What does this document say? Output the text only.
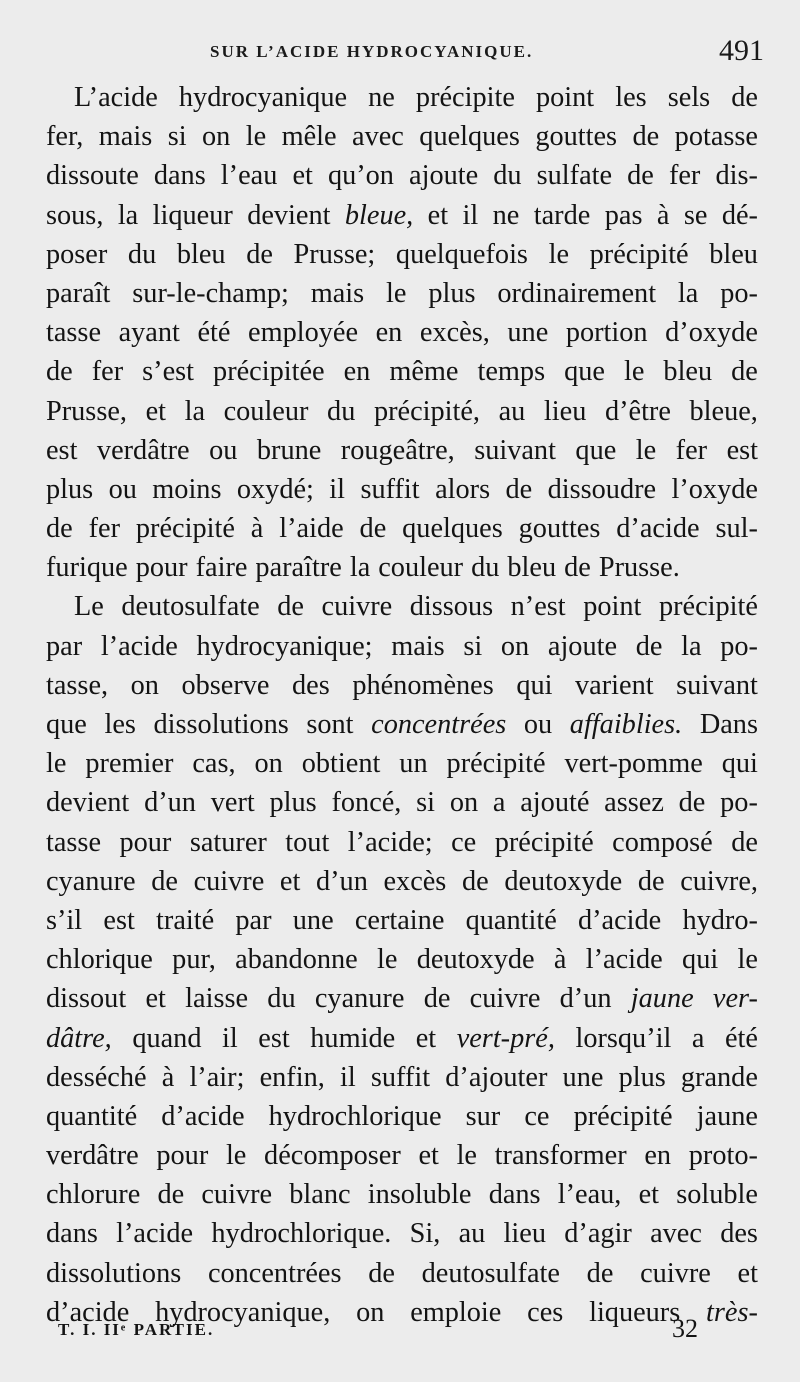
SUR L’ACIDE HYDROCYANIQUE.	491
L’acide hydrocyanique ne précipite point les sels de
fer, mais si on le mêle avec quelques gouttes de potasse
dissoute dans l’eau et qu’on ajoute du sulfate de fer dis-
sous, la liqueur devient bleue, et il ne tarde pas à se dé-
poser du bleu de Prusse; quelquefois le précipité bleu
paraît sur-le-champ; mais le plus ordinairement la po-
tasse ayant été employée en excès, une portion d’oxyde
de fer s’est précipitée en même temps que le bleu de
Prusse, et la couleur du précipité, au lieu d’être bleue,
est verdâtre ou brune rougeâtre, suivant que le fer est
plus ou moins oxydé; il suffit alors de dissoudre l’oxyde
de fer précipité à l’aide de quelques gouttes d’acide sul-
furique pour faire paraître la couleur du bleu de Prusse.
Le deutosulfate de cuivre dissous n’est point précipité
par l’acide hydrocyanique; mais si on ajoute de la po-
tasse, on observe des phénomènes qui varient suivant
que les dissolutions sont concentrées ou affaiblies. Dans
le premier cas, on obtient un précipité vert-pomme qui
devient d’un vert plus foncé, si on a ajouté assez de po-
tasse pour saturer tout l’acide; ce précipité composé de
cyanure de cuivre et d’un excès de deutoxyde de cuivre,
s’il est traité par une certaine quantité d’acide hydro-
chlorique pur, abandonne le deutoxyde à l’acide qui le
dissout et laisse du cyanure de cuivre d’un jaune ver-
dâtre, quand il est humide et vert-pré, lorsqu’il a été
desséché à l’air; enfin, il suffit d’ajouter une plus grande
quantité d’acide hydrochlorique sur ce précipité jaune
verdâtre pour le décomposer et le transformer en proto-
chlorure de cuivre blanc insoluble dans l’eau, et soluble
dans l’acide hydrochlorique. Si, au lieu d’agir avec des
dissolutions concentrées de deutosulfate de cuivre et
d’acide hydrocyanique, on emploie ces liqueurs très-
T. I. IIᵉ PARTIE.	32
